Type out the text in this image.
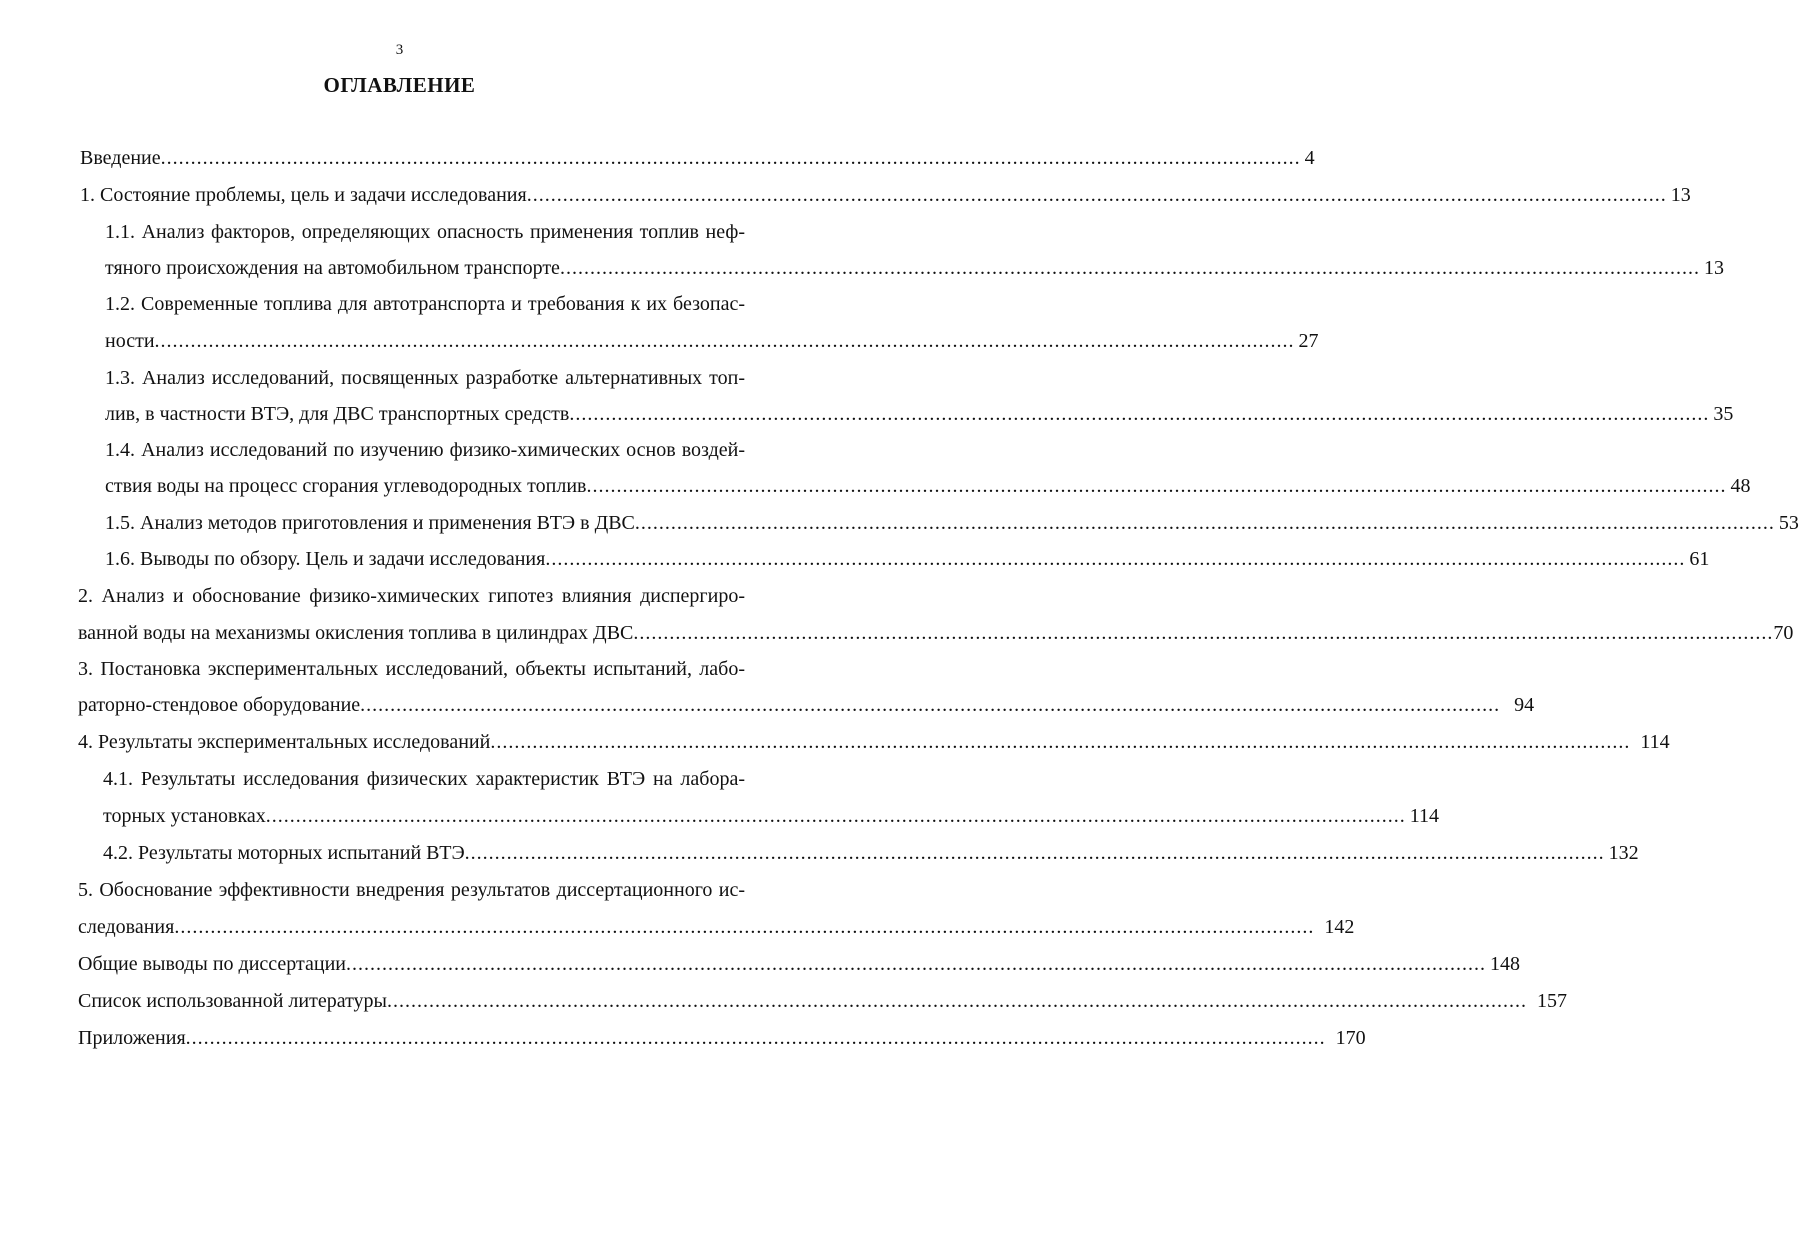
3
ОГЛАВЛЕНИЕ
Введение .............................................................................................................................................................................................. 4
1. Состояние проблемы, цель и задачи исследования .............................................................................................................................................................................................. 13
1.1. Анализ факторов, определяющих опасность применения топлив неф-
тяного происхождения на автомобильном транспорте .............................................................................................................................................................................................. 13
1.2. Современные топлива для автотранспорта и требования к их безопас-
ности .............................................................................................................................................................................................. 27
1.3. Анализ исследований, посвященных разработке альтернативных топ-
лив, в частности ВТЭ, для ДВС транспортных средств .............................................................................................................................................................................................. 35
1.4. Анализ исследований по изучению физико-химических основ воздей-
ствия воды на процесс сгорания углеводородных топлив .............................................................................................................................................................................................. 48
1.5. Анализ методов приготовления и применения ВТЭ в ДВС .............................................................................................................................................................................................. 53
1.6. Выводы по обзору. Цель и задачи исследования .............................................................................................................................................................................................. 61
2. Анализ и обоснование физико-химических гипотез влияния диспергиро-
ванной воды на механизмы окисления топлива в цилиндрах ДВС .............................................................................................................................................................................................. 70
3. Постановка экспериментальных исследований, объекты испытаний, лабо-
раторно-стендовое оборудование .............................................................................................................................................................................................. 94
4. Результаты экспериментальных исследований .............................................................................................................................................................................................. 114
4.1. Результаты исследования физических характеристик ВТЭ на лабора-
торных установках .............................................................................................................................................................................................. 114
4.2. Результаты моторных испытаний ВТЭ .............................................................................................................................................................................................. 132
5. Обоснование эффективности внедрения результатов диссертационного ис-
следования .............................................................................................................................................................................................. 142
Общие выводы по диссертации .............................................................................................................................................................................................. 148
Список использованной литературы .............................................................................................................................................................................................. 157
Приложения .............................................................................................................................................................................................. 170
